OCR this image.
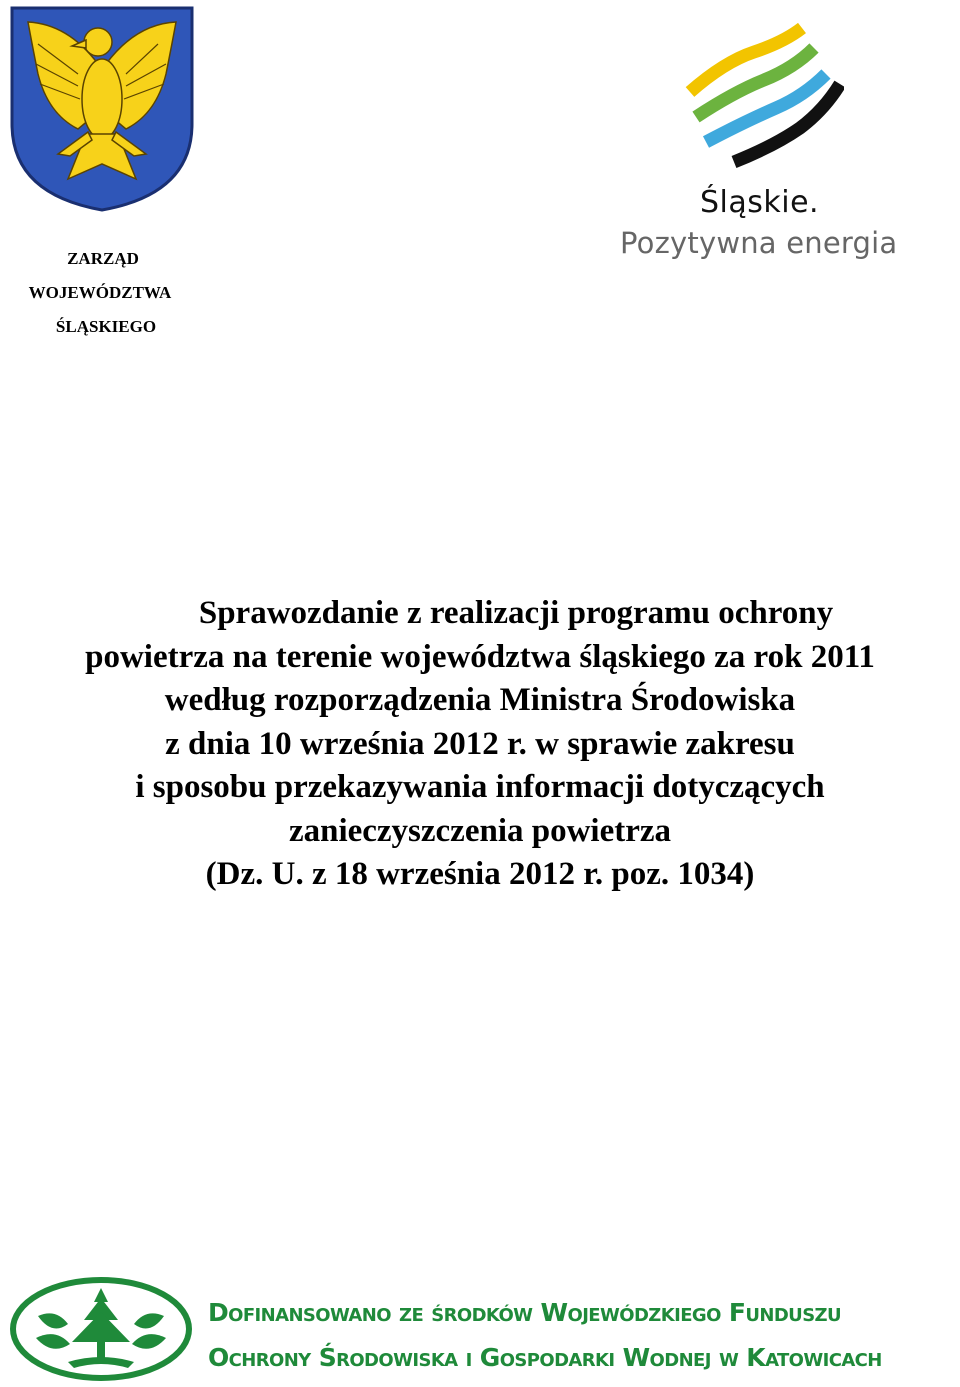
ZARZĄD
WOJEWÓDZTWA
ŚLĄSKIEGO
Śląskie.
Pozytywna energia
Sprawozdanie z realizacji programu ochrony
powietrza na terenie województwa śląskiego za rok 2011
według rozporządzenia Ministra Środowiska
z dnia 10 września 2012 r. w sprawie zakresu
i sposobu przekazywania informacji dotyczących
zanieczyszczenia powietrza
(Dz. U. z 18 września 2012 r. poz. 1034)
Dofinansowano ze środków Wojewódzkiego Funduszu
Ochrony Środowiska i Gospodarki Wodnej w Katowicach
